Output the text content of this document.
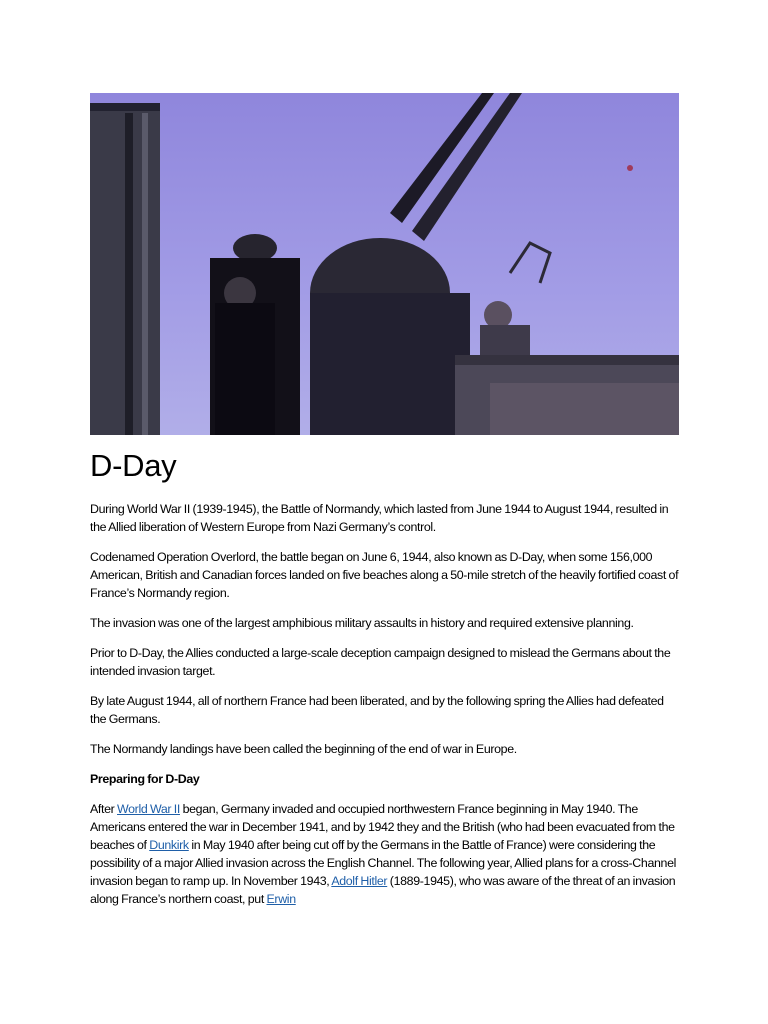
D-Day

During World War II (1939-1945), the Battle of Normandy, which lasted from June 1944 to August 1944, resulted in the Allied liberation of Western Europe from Nazi Germany’s control.

Codenamed Operation Overlord, the battle began on June 6, 1944, also known as D-Day, when some 156,000 American, British and Canadian forces landed on five beaches along a 50-mile stretch of the heavily fortified coast of France’s Normandy region.

The invasion was one of the largest amphibious military assaults in history and required extensive planning.

Prior to D-Day, the Allies conducted a large-scale deception campaign designed to mislead the Germans about the intended invasion target.

By late August 1944, all of northern France had been liberated, and by the following spring the Allies had defeated the Germans.

The Normandy landings have been called the beginning of the end of war in Europe.

Preparing for D-Day

After World War II began, Germany invaded and occupied northwestern France beginning in May 1940. The Americans entered the war in December 1941, and by 1942 they and the British (who had been evacuated from the beaches of Dunkirk in May 1940 after being cut off by the Germans in the Battle of France) were considering the possibility of a major Allied invasion across the English Channel. The following year, Allied plans for a cross-Channel invasion began to ramp up. In November 1943, Adolf Hitler (1889-1945), who was aware of the threat of an invasion along France’s northern coast, put Erwin
